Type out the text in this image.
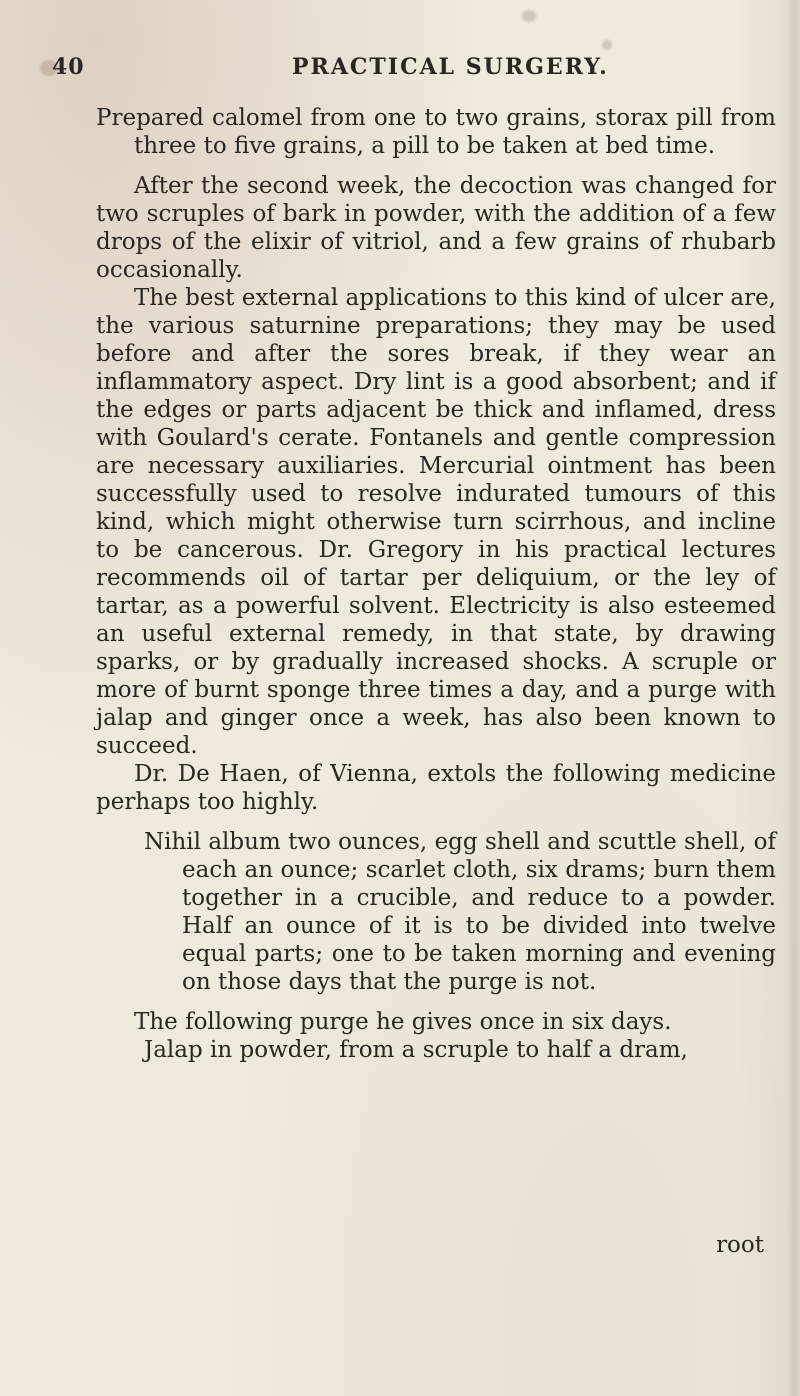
40	PRACTICAL SURGERY.

Prepared calomel from one to two grains, storax pill from three to five grains, a pill to be taken at bed time.

After the second week, the decoction was changed for two scruples of bark in powder, with the addition of a few drops of the elixir of vitriol, and a few grains of rhubarb occasionally.

The best external applications to this kind of ulcer are, the various saturnine preparations; they may be used before and after the sores break, if they wear an inflammatory aspect. Dry lint is a good absorbent; and if the edges or parts adjacent be thick and inflamed, dress with Goulard's cerate. Fontanels and gentle compression are necessary auxiliaries. Mercurial ointment has been successfully used to resolve indurated tumours of this kind, which might otherwise turn scirrhous, and incline to be cancerous. Dr. Gregory in his practical lectures recommends oil of tartar per deliquium, or the ley of tartar, as a powerful solvent. Electricity is also esteemed an useful external remedy, in that state, by drawing sparks, or by gradually increased shocks. A scruple or more of burnt sponge three times a day, and a purge with jalap and ginger once a week, has also been known to succeed.

Dr. De Haen, of Vienna, extols the following medicine perhaps too highly.

Nihil album two ounces, egg shell and scuttle shell, of each an ounce; scarlet cloth, six drams; burn them together in a crucible, and reduce to a powder. Half an ounce of it is to be divided into twelve equal parts; one to be taken morning and evening on those days that the purge is not.

The following purge he gives once in six days.

Jalap in powder, from a scruple to half a dram,

root
